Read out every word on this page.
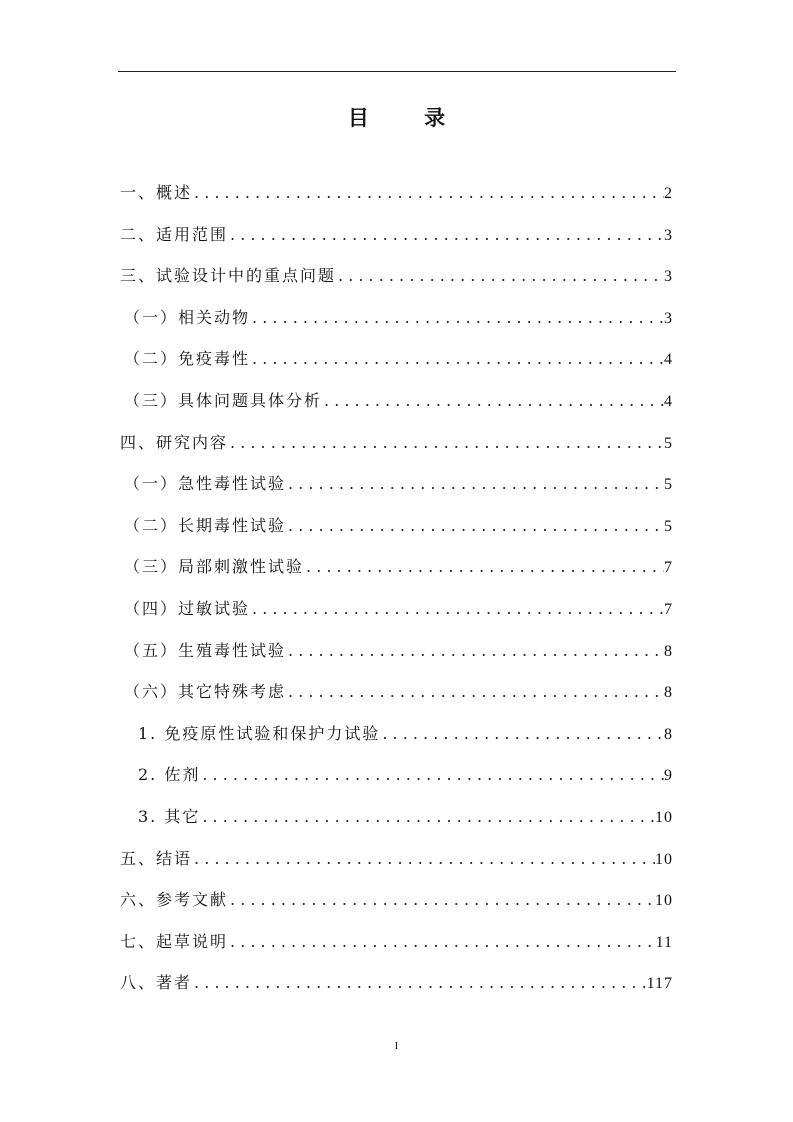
目 录
一、概述 . . .	2
二、适用范围 . . .	3
三、试验设计中的重点问题 . . .	3
（一）相关动物 . . .	3
（二）免疫毒性 . . .	4
（三）具体问题具体分析 . . .	4
四、研究内容 . . .	5
（一）急性毒性试验 . . .	5
（二）长期毒性试验 . . .	5
（三）局部刺激性试验 . . .	7
（四）过敏试验 . . .	7
（五）生殖毒性试验 . . .	8
（六）其它特殊考虑 . . .	8
1. 免疫原性试验和保护力试验 . . .	8
2. 佐剂 . . .	9
3. 其它 . . .	10
五、结语 . . .	10
六、参考文献 . . .	10
七、起草说明 . . .	11
八、著者 . . .	117
I
